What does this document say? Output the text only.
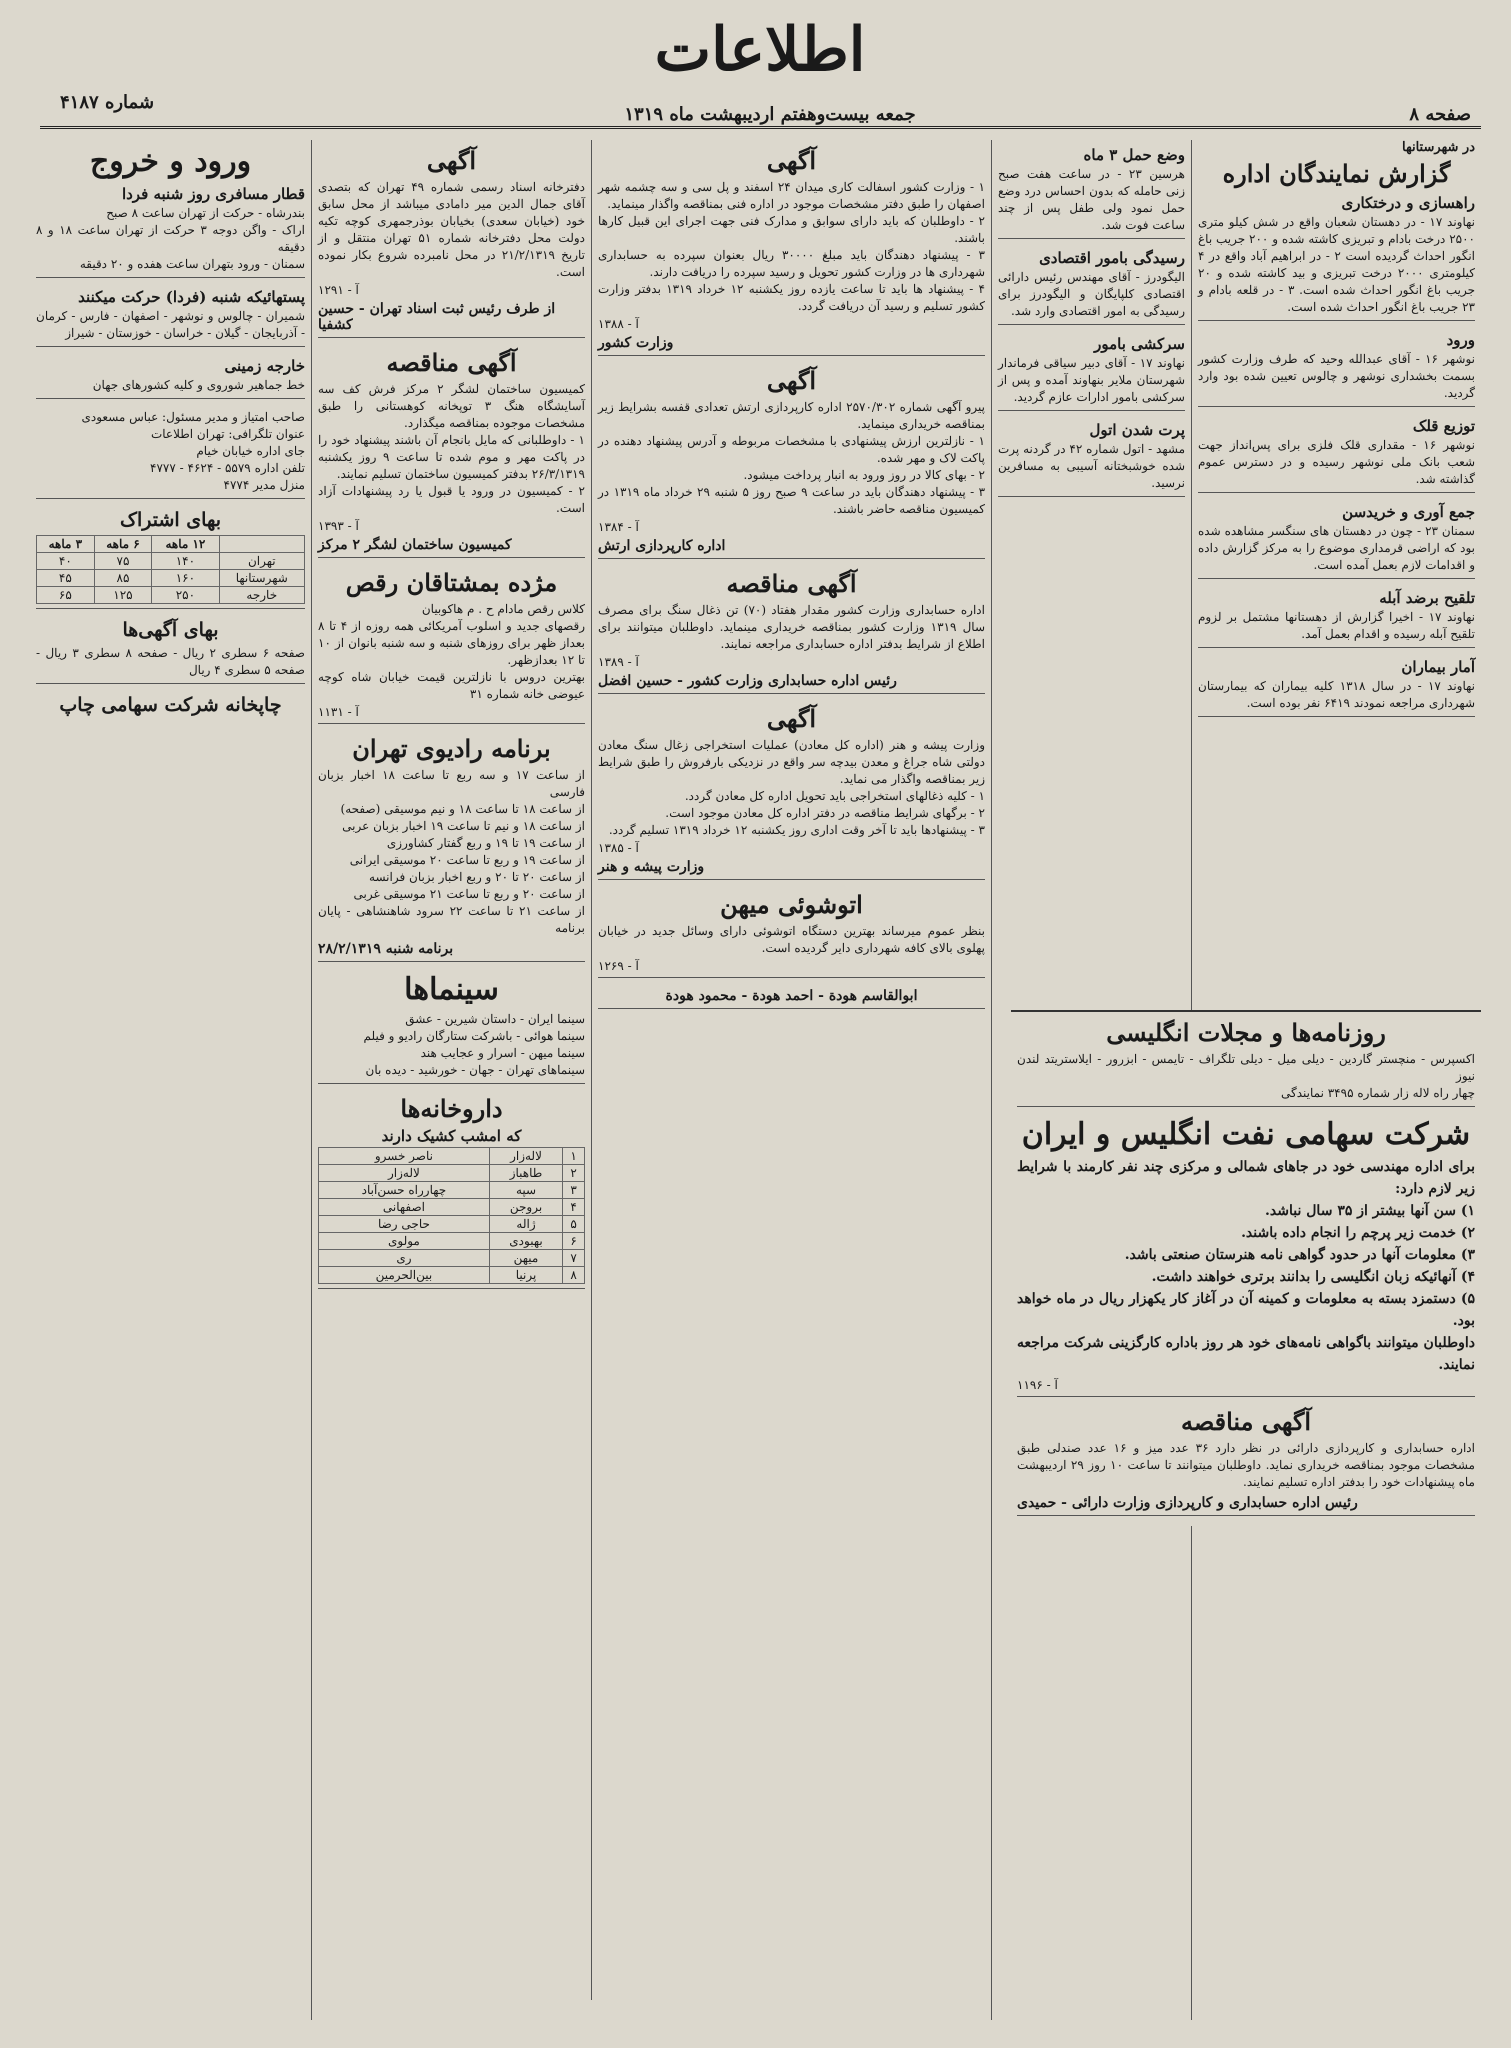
اطلاعات
صفحه ۸
جمعه بیست‌وهفتم اردیبهشت ماه ۱۳۱۹
شماره ۴۱۸۷
در شهرستانها
گزارش نمایندگان اداره
راهسازی و درختکاری
نهاوند ۱۷ - در دهستان شعبان واقع در شش کیلو متری ۲۵۰۰ درخت بادام و تبریزی کاشته شده و ۲۰۰ جریب باغ انگور احداث گردیده است ۲ - در ابراهیم آباد واقع در ۴ کیلومتری ۲۰۰۰ درخت تبریزی و بید کاشته شده و ۲۰ جریب باغ انگور احداث شده است. ۳ - در قلعه بادام و ۲۳ جریب باغ انگور احداث شده است.
ورود
نوشهر ۱۶ - آقای عبدالله وحید که طرف وزارت کشور بسمت بخشداری نوشهر و چالوس تعیین شده بود وارد گردید.
توزیع قلک
نوشهر ۱۶ - مقداری قلک فلزی برای پس‌انداز جهت شعب بانک ملی نوشهر رسیده و در دسترس عموم گذاشته شد.
جمع آوری و خریدسن
سمنان ۲۳ - چون در دهستان های سنگسر مشاهده شده بود که اراضی قرمداری موضوع را به مرکز گزارش داده و اقدامات لازم بعمل آمده است.
تلقیح برضد آبله
نهاوند ۱۷ - اخیرا گزارش از دهستانها مشتمل بر لزوم تلقیح آبله رسیده و اقدام بعمل آمد.
آمار بیماران
نهاوند ۱۷ - در سال ۱۳۱۸ کلیه بیماران که بیمارستان شهرداری مراجعه نمودند ۶۴۱۹ نفر بوده است.
وضع حمل ۳ ماه
هرسین ۲۳ - در ساعت هفت صبح زنی حامله که بدون احساس درد وضع حمل نمود ولی طفل پس از چند ساعت فوت شد.
رسیدگی بامور اقتصادی
الیگودرز - آقای مهندس رئیس دارائی اقتصادی کلپایگان و الیگودرز برای رسیدگی به امور اقتصادی وارد شد.
سرکشی بامور
نهاوند ۱۷ - آقای دبیر سیاقی فرماندار شهرستان ملایر بنهاوند آمده و پس از سرکشی بامور ادارات عازم گردید.
پرت شدن اتول
مشهد - اتول شماره ۴۲ در گردنه پرت شده خوشبختانه آسیبی به مسافرین نرسید.
آگهی
۱ - وزارت کشور اسفالت کاری میدان ۲۴ اسفند و پل سی و سه چشمه شهر اصفهان را طبق دفتر مشخصات موجود در اداره فنی بمناقصه واگذار مینماید.
۲ - داوطلبان که باید دارای سوابق و مدارک فنی جهت اجرای این قبیل کارها باشند.
۳ - پیشنهاد دهندگان باید مبلغ ۳۰۰۰۰ ریال بعنوان سپرده به حسابداری شهرداری ها در وزارت کشور تحویل و رسید سپرده را دریافت دارند.
۴ - پیشنهاد ها باید تا ساعت یازده روز یکشنبه ۱۲ خرداد ۱۳۱۹ بدفتر وزارت کشور تسلیم و رسید آن دریافت گردد.
۱۳۸۸ - آ
وزارت کشور
آگهی
پیرو آگهی شماره ۲۵۷۰/۳۰۲ اداره کارپردازی ارتش تعدادی قفسه بشرایط زیر بمناقصه خریداری مینماید.
۱ - نازلترین ارزش پیشنهادی با مشخصات مربوطه و آدرس پیشنهاد دهنده در پاکت لاک و مهر شده.
۲ - بهای کالا در روز ورود به انبار پرداخت میشود.
۳ - پیشنهاد دهندگان باید در ساعت ۹ صبح روز ۵ شنبه ۲۹ خرداد ماه ۱۳۱۹ در کمیسیون مناقصه حاضر باشند.
۱۳۸۴ - آ
اداره کارپردازی ارتش
آگهی مناقصه
اداره حسابداری وزارت کشور مقدار هفتاد (۷۰) تن ذغال سنگ برای مصرف سال ۱۳۱۹ وزارت کشور بمناقصه خریداری مینماید. داوطلبان میتوانند برای اطلاع از شرایط بدفتر اداره حسابداری مراجعه نمایند.
۱۳۸۹ - آ
رئیس اداره حسابداری وزارت کشور - حسین افضل
آگهی
وزارت پیشه و هنر (اداره کل معادن) عملیات استخراجی زغال سنگ معادن دولتی شاه جراغ و معدن بیدچه سر واقع در نزدیکی بارفروش را طبق شرایط زیر بمناقصه واگذار می نماید.
۱ - کلیه ذغالهای استخراجی باید تحویل اداره کل معادن گردد.
۲ - برگهای شرایط مناقصه در دفتر اداره کل معادن موجود است.
۳ - پیشنهادها باید تا آخر وقت اداری روز یکشنبه ۱۲ خرداد ۱۳۱۹ تسلیم گردد.
۱۳۸۵ - آ
وزارت پیشه و هنر
اتوشوئی میهن
بنظر عموم میرساند بهترین دستگاه اتوشوئی دارای وسائل جدید در خیابان پهلوی بالای کافه شهرداری دایر گردیده است.
۱۲۶۹ - آ
ابوالقاسم هودة - احمد هودة - محمود هودة
آگهی
دفترخانه اسناد رسمی شماره ۴۹ تهران که بتصدی آقای جمال الدین میر دامادی میباشد از محل سابق خود (خیابان سعدی) بخیابان بوذرجمهری کوچه تکیه دولت محل دفترخانه شماره ۵۱ تهران منتقل و از تاریخ ۲۱/۲/۱۳۱۹ در محل نامبرده شروع بکار نموده است.
۱۲۹۱ - آ
از طرف رئیس ثبت اسناد تهران - حسین کشفیا
آگهی مناقصه
کمیسیون ساختمان لشگر ۲ مرکز فرش کف سه آسایشگاه هنگ ۳ توپخانه کوهستانی را طبق مشخصات موجوده بمناقصه میگذارد.
۱ - داوطلبانی که مایل بانجام آن باشند پیشنهاد خود را در پاکت مهر و موم شده تا ساعت ۹ روز یکشنبه ۲۶/۳/۱۳۱۹ بدفتر کمیسیون ساختمان تسلیم نمایند.
۲ - کمیسیون در ورود یا قبول یا رد پیشنهادات آزاد است.
۱۳۹۳ - آ
کمیسیون ساختمان لشگر ۲ مرکز
مژده بمشتاقان رقص
کلاس رقص مادام ح . م هاکوبیان
رقصهای جدید و اسلوب آمریکائی همه روزه از ۴ تا ۸ بعداز ظهر برای روزهای شنبه و سه شنبه بانوان از ۱۰ تا ۱۲ بعدازظهر.
بهترین دروس با نازلترین قیمت خیابان شاه کوچه عیوضی خانه شماره ۳۱
۱۱۳۱ - آ
برنامه رادیوی تهران
از ساعت ۱۷ و سه ربع تا ساعت ۱۸ اخبار بزبان فارسی
از ساعت ۱۸ تا ساعت ۱۸ و نیم موسیقی (صفحه)
از ساعت ۱۸ و نیم تا ساعت ۱۹ اخبار بزبان عربی
از ساعت ۱۹ تا ۱۹ و ربع گفتار کشاورزی
از ساعت ۱۹ و ربع تا ساعت ۲۰ موسیقی ایرانی
از ساعت ۲۰ تا ۲۰ و ربع اخبار بزبان فرانسه
از ساعت ۲۰ و ربع تا ساعت ۲۱ موسیقی غربی
از ساعت ۲۱ تا ساعت ۲۲ سرود شاهنشاهی - پایان برنامه
برنامه شنبه ۲۸/۲/۱۳۱۹
سینماها
سینما ایران - داستان شیرین - عشق
سینما هوائی - باشرکت ستارگان رادیو و فیلم
سینما میهن - اسرار و عجایب هند
سینماهای تهران - جهان - خورشید - دیده بان
داروخانه‌ها
که امشب کشیک دارند
۱	لاله‌زار	ناصر خسرو
۲	طاهباز	لاله‌زار
۳	سپه	چهارراه حسن‌آباد
۴	بروجن	اصفهانی
۵	ژاله	حاجی رضا
۶	بهبودی	مولوی
۷	میهن	ری
۸	پرنیا	بین‌الحرمین
ورود و خروج
قطار مسافری روز شنبه فردا
بندرشاه - حرکت از تهران ساعت ۸ صبح
اراک - واگن دوجه ۳ حرکت از تهران ساعت ۱۸ و ۸ دقیقه
سمنان - ورود بتهران ساعت هفده و ۲۰ دقیقه
پستهائیکه شنبه (فردا) حرکت میکنند
شمیران - چالوس و نوشهر - اصفهان - فارس - کرمان - آذربایجان - گیلان - خراسان - خوزستان - شیراز
خارجه زمینی
خط جماهیر شوروی و کلیه کشورهای جهان
صاحب امتیاز و مدیر مسئول: عباس مسعودی
عنوان تلگرافی: تهران اطلاعات
جای اداره خیابان خیام
تلفن اداره ۵۵۷۹ - ۴۶۲۴ - ۴۷۷۷
منزل مدیر ۴۷۷۴
بهای اشتراک
	۱۲ ماهه	۶ ماهه	۳ ماهه
تهران	۱۴۰	۷۵	۴۰
شهرستانها	۱۶۰	۸۵	۴۵
خارجه	۲۵۰	۱۲۵	۶۵
بهای آگهی‌ها
صفحه ۶ سطری ۲ ریال - صفحه ۸ سطری ۳ ریال - صفحه ۵ سطری ۴ ریال
چاپخانه شرکت سهامی چاپ
روزنامه‌ها و مجلات انگلیسی
اکسپرس - منچستر گاردین - دیلی میل - دیلی تلگراف - تایمس - ابزرور - ایلاستریتد لندن نیوز
چهار راه لاله زار شماره ۳۴۹۵ نمایندگی
شرکت سهامی نفت انگلیس و ایران
برای اداره مهندسی خود در جاهای شمالی و مرکزی چند نفر کارمند با شرایط زیر لازم دارد:
۱) سن آنها بیشتر از ۳۵ سال نباشد.
۲) خدمت زیر پرچم را انجام داده باشند.
۳) معلومات آنها در حدود گواهی نامه هنرستان صنعتی باشد.
۴) آنهائیکه زبان انگلیسی را بدانند برتری خواهند داشت.
۵) دستمزد بسته به معلومات و کمینه آن در آغاز کار یکهزار ریال در ماه خواهد بود.
داوطلبان میتوانند باگواهی نامه‌های خود هر روز باداره کارگزینی شرکت مراجعه نمایند.
۱۱۹۶ - آ
آگهی مناقصه
اداره حسابداری و کارپردازی دارائی در نظر دارد ۳۶ عدد میز و ۱۶ عدد صندلی طبق مشخصات موجود بمناقصه خریداری نماید. داوطلبان میتوانند تا ساعت ۱۰ روز ۲۹ اردیبهشت ماه پیشنهادات خود را بدفتر اداره تسلیم نمایند.
رئیس اداره حسابداری و کارپردازی وزارت دارائی - حمیدی
